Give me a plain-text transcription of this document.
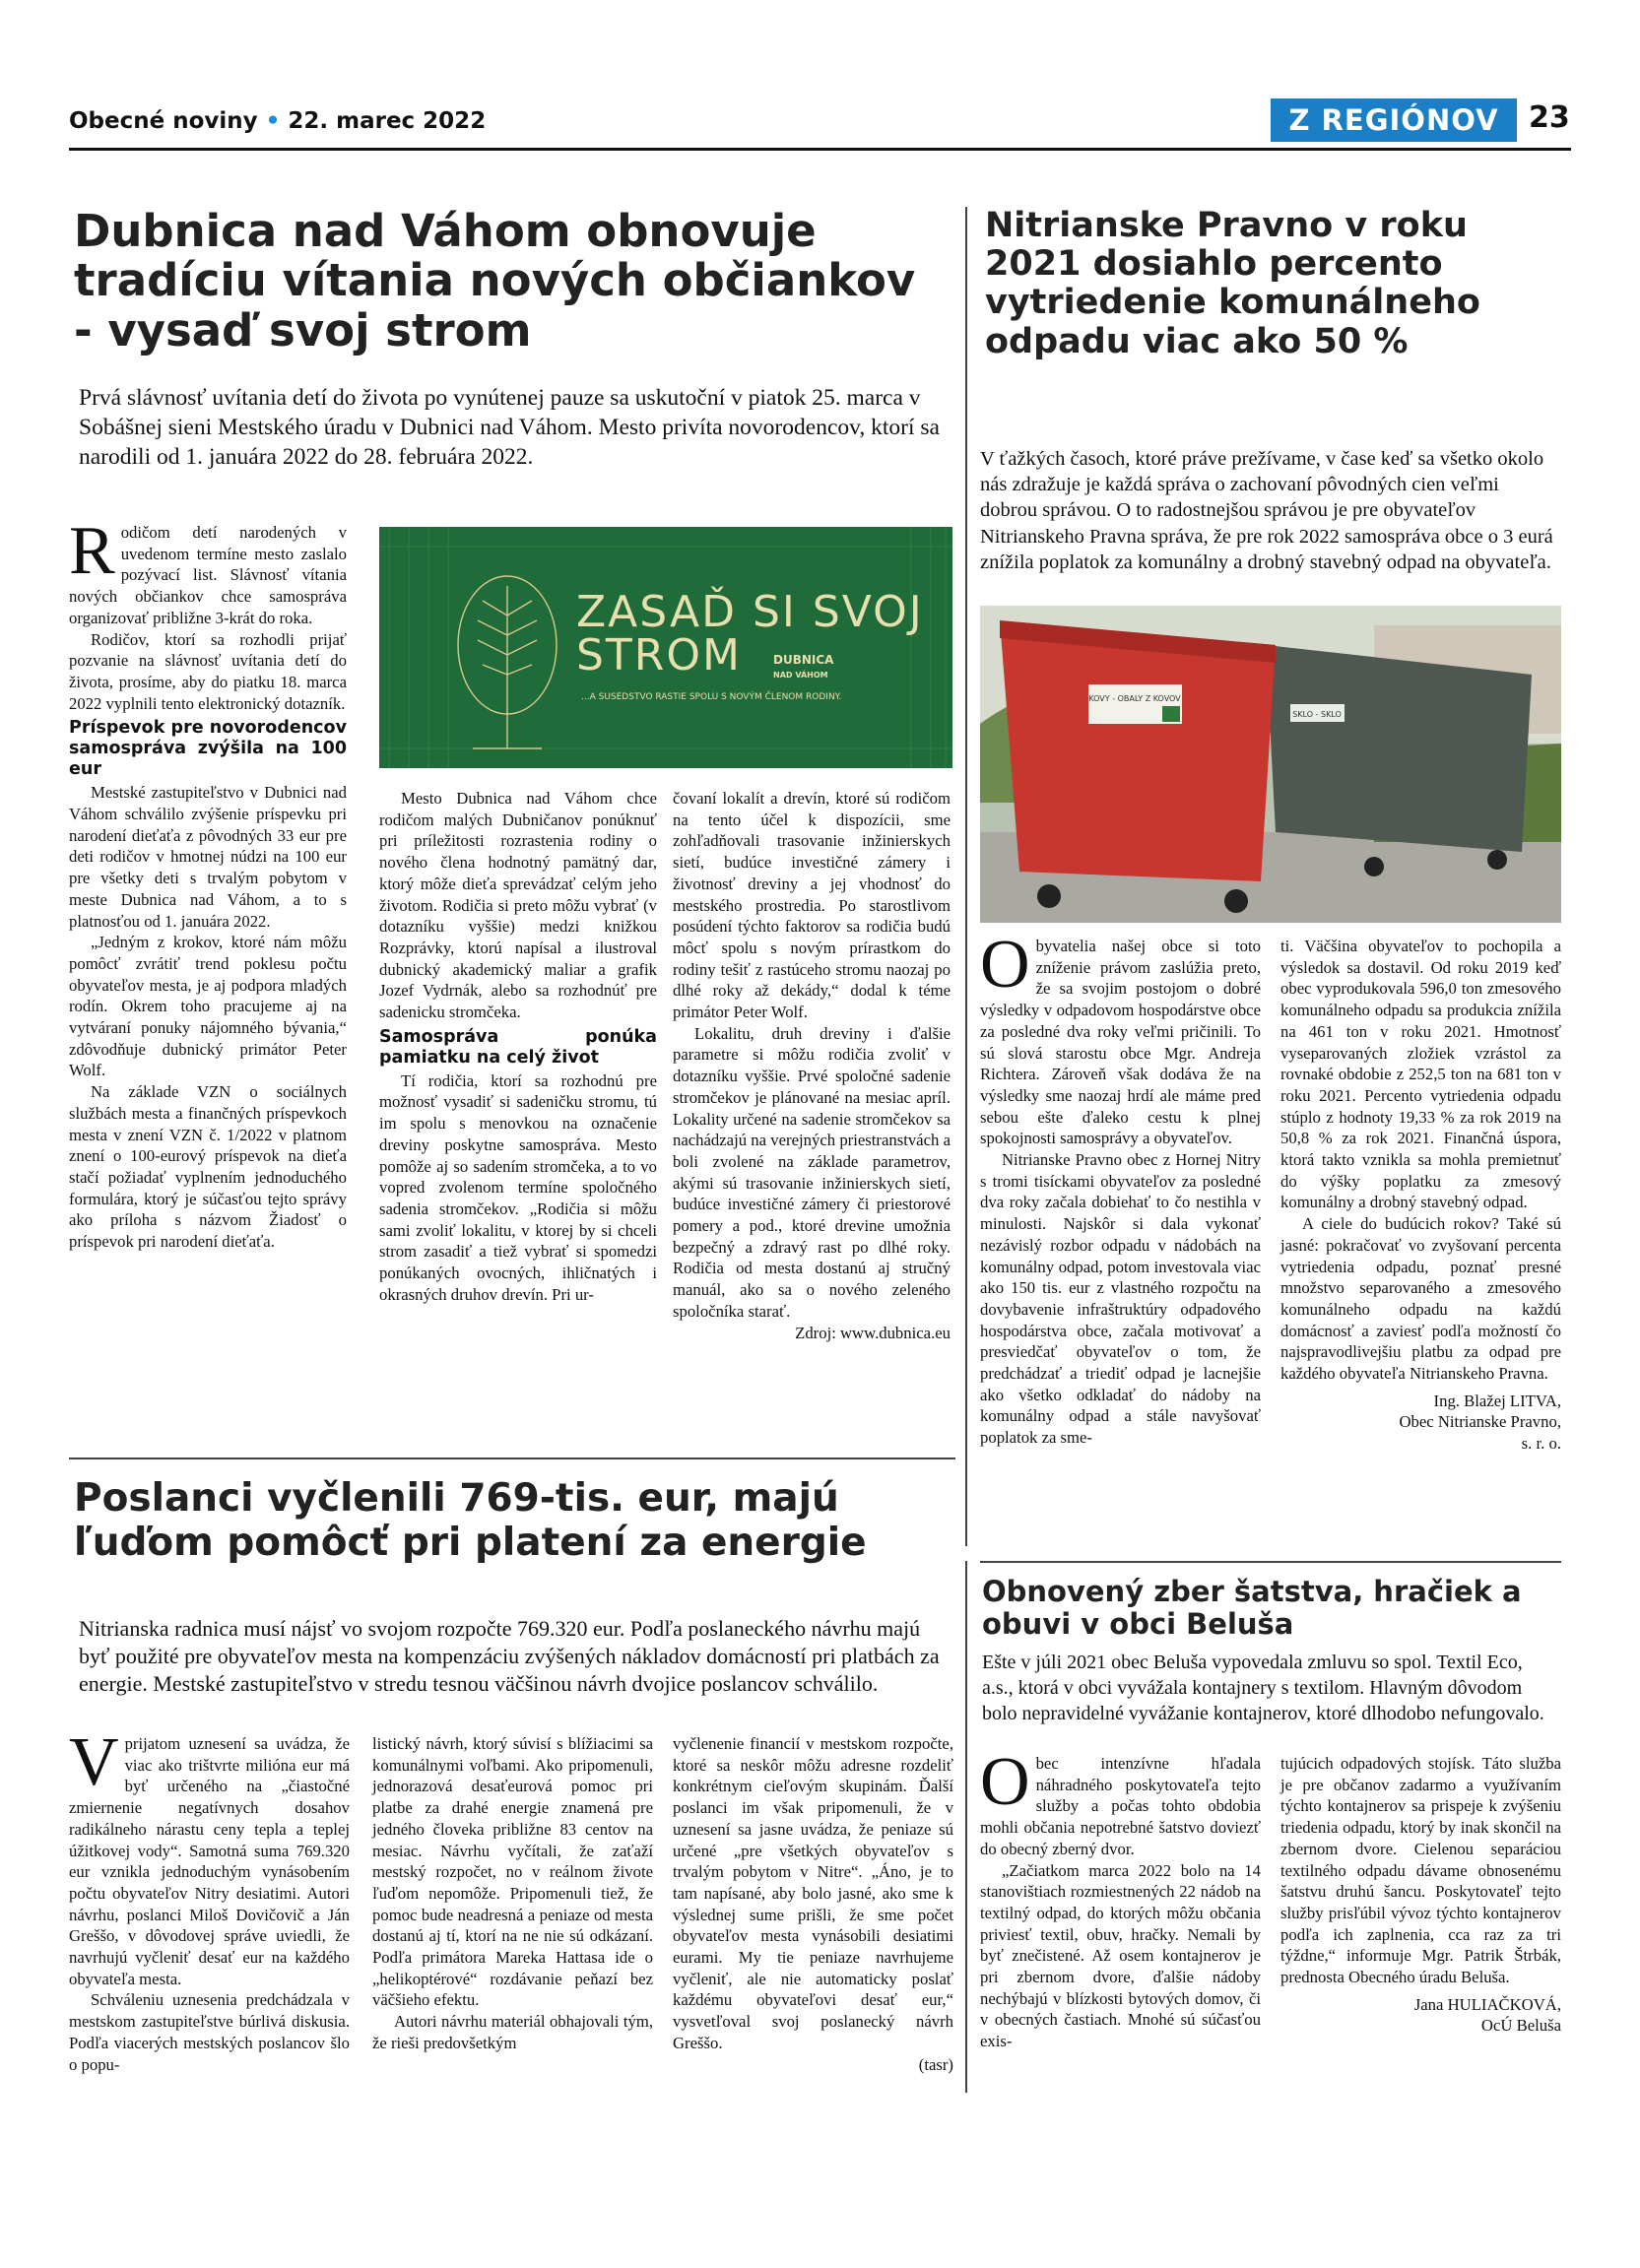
Obecné noviny • 22. marec 2022	Z REGIÓNOV	23
Dubnica nad Váhom obnovuje tradíciu vítania nových občiankov - vysaď svoj strom
Prvá slávnosť uvítania detí do života po vynútenej pauze sa uskutoční v piatok 25. marca v Sobášnej sieni Mestského úradu v Dubnici nad Váhom. Mesto privíta novorodencov, ktorí sa narodili od 1. januára 2022 do 28. februára 2022.

Rodičom detí narodených v uvedenom termíne mesto zaslalo pozývací list. Slávnosť vítania nových občiankov chce samospráva organizovať približne 3-krát do roka.

Rodičov, ktorí sa rozhodli prijať pozvanie na slávnosť uvítania detí do života, prosíme, aby do piatku 18. marca 2022 vyplnili tento elektronický dotazník.

Príspevok pre novorodencov samospráva zvýšila na 100 eur

Mestské zastupiteľstvo v Dubnici nad Váhom schválilo zvýšenie príspevku pri narodení dieťaťa z pôvodných 33 eur pre deti rodičov v hmotnej núdzi na 100 eur pre všetky deti s trvalým pobytom v meste Dubnica nad Váhom, a to s platnosťou od 1. januára 2022.

„Jedným z krokov, ktoré nám môžu pomôcť zvrátiť trend poklesu počtu obyvateľov mesta, je aj podpora mladých rodín. Okrem toho pracujeme aj na vytváraní ponuky nájomného bývania,“ zdôvodňuje dubnický primátor Peter Wolf.

Na základe VZN o sociálnych službách mesta a finančných príspevkoch mesta v znení VZN č. 1/2022 v platnom znení o 100-eurový príspevok na dieťa stačí požiadať vyplnením jednoduchého formulára, ktorý je súčasťou tejto správy ako príloha s názvom Žiadosť o príspevok pri narodení dieťaťa.

ZASAĎ SI SVOJ
STROM	DUBNICA
NAD VÁHOM
...A SUSEDSTVO RASTIE SPOLU S NOVÝM ČLENOM RODINY.

Mesto Dubnica nad Váhom chce rodičom malých Dubničanov ponúknuť pri príležitosti rozrastenia rodiny o nového člena hodnotný pamätný dar, ktorý môže dieťa sprevádzať celým jeho životom. Rodičia si preto môžu vybrať (v dotazníku vyššie) medzi knižkou Rozprávky, ktorú napísal a ilustroval dubnický akademický maliar a grafik Jozef Vydrnák, alebo sa rozhodnúť pre sadenicku stromčeka.

Samospráva ponúka pamiatku na celý život

Tí rodičia, ktorí sa rozhodnú pre možnosť vysadiť si sadeničku stromu, tú im spolu s menovkou na označenie dreviny poskytne samospráva. Mesto pomôže aj so sadením stromčeka, a to vo vopred zvolenom termíne spoločného sadenia stromčekov. „Rodičia si môžu sami zvoliť lokalitu, v ktorej by si chceli strom zasadiť a tiež vybrať si spomedzi ponúkaných ovocných, ihličnatých i okrasných druhov drevín. Pri ur-

čovaní lokalít a drevín, ktoré sú rodičom na tento účel k dispozícii, sme zohľadňovali trasovanie inžinierskych sietí, budúce investičné zámery i životnosť dreviny a jej vhodnosť do mestského prostredia. Po starostlivom posúdení týchto faktorov sa rodičia budú môcť spolu s novým prírastkom do rodiny tešiť z rastúceho stromu naozaj po dlhé roky až dekády,“ dodal k téme primátor Peter Wolf.

Lokalitu, druh dreviny i ďalšie parametre si môžu rodičia zvoliť v dotazníku vyššie. Prvé spoločné sadenie stromčekov je plánované na mesiac apríl. Lokality určené na sadenie stromčekov sa nachádzajú na verejných priestranstvách a boli zvolené na základe parametrov, akými sú trasovanie inžinierskych sietí, budúce investičné zámery či priestorové pomery a pod., ktoré drevine umožnia bezpečný a zdravý rast po dlhé roky. Rodičia od mesta dostanú aj stručný manuál, ako sa o nového zeleného spoločníka starať.

Zdroj: www.dubnica.eu
Nitrianske Pravno v roku 2021 dosiahlo percento vytriedenie komunálneho odpadu viac ako 50 %
V ťažkých časoch, ktoré práve prežívame, v čase keď sa všetko okolo nás zdražuje je každá správa o zachovaní pôvodných cien veľmi dobrou správou. O to radostnejšou správou je pre obyvateľov Nitrianskeho Pravna správa, že pre rok 2022 samospráva obce o 3 eurá znížila poplatok za komunálny a drobný stavebný odpad na obyvateľa.
SKLO - SKLO
KOVY - OBALY Z KOVOV

Obyvatelia našej obce si toto zníženie právom zaslúžia preto, že sa svojim postojom o dobré výsledky v odpadovom hospodárstve obce za posledné dva roky veľmi pričinili. To sú slová starostu obce Mgr. Andreja Richtera. Zároveň však dodáva že na výsledky sme naozaj hrdí ale máme pred sebou ešte ďaleko cestu k plnej spokojnosti samosprávy a obyvateľov.

Nitrianske Pravno obec z Hornej Nitry s tromi tisíckami obyvateľov za posledné dva roky začala dobiehať to čo nestihla v minulosti. Najskôr si dala vykonať nezávislý rozbor odpadu v nádobách na komunálny odpad, potom investovala viac ako 150 tis. eur z vlastného rozpočtu na dovybavenie infraštruktúry odpadového hospodárstva obce, začala motivovať a presviedčať obyvateľov o tom, že predchádzať a triediť odpad je lacnejšie ako všetko odkladať do nádoby na komunálny odpad a stále navyšovať poplatok za sme-

ti. Väčšina obyvateľov to pochopila a výsledok sa dostavil. Od roku 2019 keď obec vyprodukovala 596,0 ton zmesového komunálneho odpadu sa produkcia znížila na 461 ton v roku 2021. Hmotnosť vyseparovaných zložiek vzrástol za rovnaké obdobie z 252,5 ton na 681 ton v roku 2021. Percento vytriedenia odpadu stúplo z hodnoty 19,33 % za rok 2019 na 50,8 % za rok 2021. Finančná úspora, ktorá takto vznikla sa mohla premietnuť do výšky poplatku za zmesový komunálny a drobný stavebný odpad.

A ciele do budúcich rokov? Také sú jasné: pokračovať vo zvyšovaní percenta vytriedenia odpadu, poznať presné množstvo separovaného a zmesového komunálneho odpadu na každú domácnosť a zaviesť podľa možností čo najspravodlivejšiu platbu za odpad pre každého obyvateľa Nitrianskeho Pravna.

Ing. Blažej LITVA,
Obec Nitrianske Pravno,
s. r. o.
Poslanci vyčlenili 769-tis. eur, majú ľuďom pomôcť pri platení za energie
Nitrianska radnica musí nájsť vo svojom rozpočte 769.320 eur. Podľa poslaneckého návrhu majú byť použité pre obyvateľov mesta na kompenzáciu zvýšených nákladov domácností pri platbách za energie. Mestské zastupiteľstvo v stredu tesnou väčšinou návrh dvojice poslancov schválilo.

Vprijatom uznesení sa uvádza, že viac ako trištvrte milióna eur má byť určeného na „čiastočné zmiernenie negatívnych dosahov radikálneho nárastu ceny tepla a teplej úžitkovej vody“. Samotná suma 769.320 eur vznikla jednoduchým vynásobením počtu obyvateľov Nitry desiatimi. Autori návrhu, poslanci Miloš Dovičovič a Ján Greššo, v dôvodovej správe uviedli, že navrhujú vyčleniť desať eur na každého obyvateľa mesta.

Schváleniu uznesenia predchádzala v mestskom zastupiteľstve búrlivá diskusia. Podľa viacerých mestských poslancov šlo o popu-

listický návrh, ktorý súvisí s blížiacimi sa komunálnymi voľbami. Ako pripomenuli, jednorazová desaťeurová pomoc pri platbe za drahé energie znamená pre jedného človeka približne 83 centov na mesiac. Návrhu vyčítali, že zaťaží mestský rozpočet, no v reálnom živote ľuďom nepomôže. Pripomenuli tiež, že pomoc bude neadresná a peniaze od mesta dostanú aj tí, ktorí na ne nie sú odkázaní. Podľa primátora Mareka Hattasa ide o „helikoptérové“ rozdávanie peňazí bez väčšieho efektu.

Autori návrhu materiál obhajovali tým, že rieši predovšetkým

vyčlenenie financií v mestskom rozpočte, ktoré sa neskôr môžu adresne rozdeliť konkrétnym cieľovým skupinám. Ďalší poslanci im však pripomenuli, že v uznesení sa jasne uvádza, že peniaze sú určené „pre všetkých obyvateľov s trvalým pobytom v Nitre“. „Áno, je to tam napísané, aby bolo jasné, ako sme k výslednej sume prišli, že sme počet obyvateľov mesta vynásobili desiatimi eurami. My tie peniaze navrhujeme vyčleniť, ale nie automaticky poslať každému obyvateľovi desať eur,“ vysvetľoval svoj poslanecký návrh Greššo.

(tasr)
Obnovený zber šatstva, hračiek a obuvi v obci Beluša
Ešte v júli 2021 obec Beluša vypovedala zmluvu so spol. Textil Eco, a.s., ktorá v obci vyvážala kontajnery s textilom. Hlavným dôvodom bolo nepravidelné vyvážanie kontajnerov, ktoré dlhodobo nefungovalo.

Obec intenzívne hľadala náhradného poskytovateľa tejto služby a počas tohto obdobia mohli občania nepotrebné šatstvo doviezť do obecný zberný dvor.

„Začiatkom marca 2022 bolo na 14 stanovištiach rozmiestnených 22 nádob na textilný odpad, do ktorých môžu občania priviesť textil, obuv, hračky. Nemali by byť znečistené. Až osem kontajnerov je pri zbernom dvore, ďalšie nádoby nechýbajú v blízkosti bytových domov, či v obecných častiach. Mnohé sú súčasťou exis-

tujúcich odpadových stojísk. Táto služba je pre občanov zadarmo a využívaním týchto kontajnerov sa prispeje k zvýšeniu triedenia odpadu, ktorý by inak skončil na zbernom dvore. Cielenou separáciou textilného odpadu dávame obnosenému šatstvu druhú šancu. Poskytovateľ tejto služby prisľúbil vývoz týchto kontajnerov podľa ich zaplnenia, cca raz za tri týždne,“ informuje Mgr. Patrik Štrbák, prednosta Obecného úradu Beluša.

Jana HULIAČKOVÁ,
OcÚ Beluša
